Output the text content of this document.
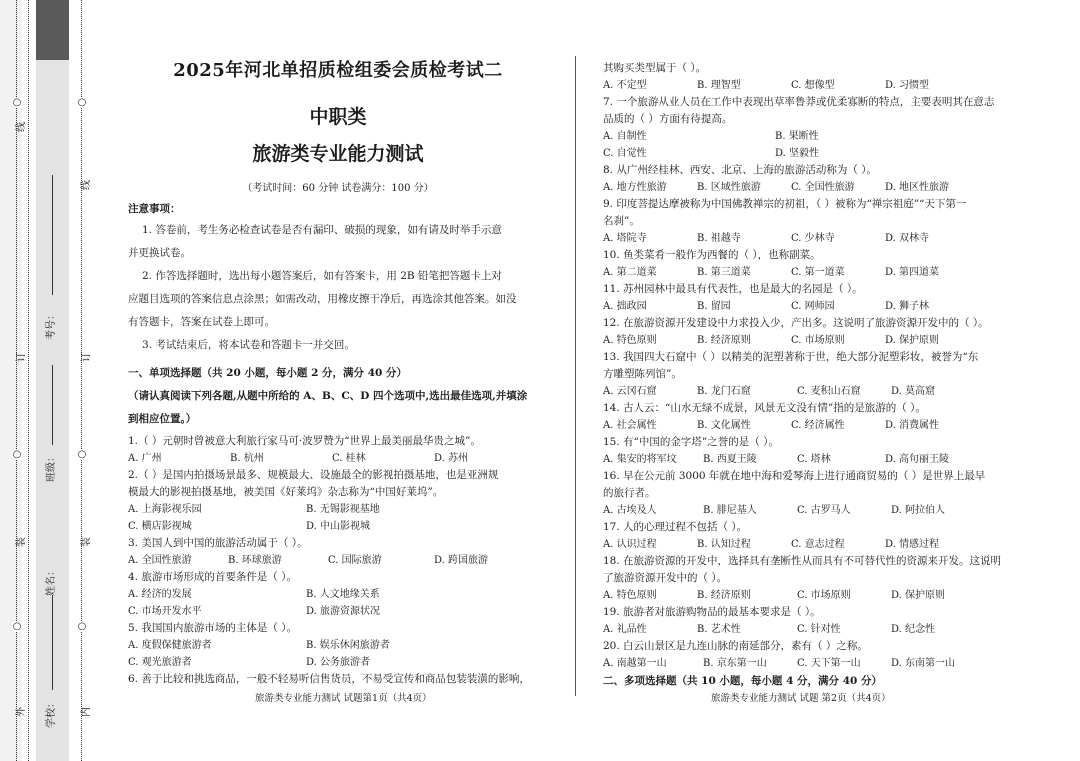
线
订
装
外
○
○
○
线
订
装
内
○
○
○
考号：
班级：
姓名：
学校：
2025年河北单招质检组委会质检考试二
中职类
旅游类专业能力测试
（考试时间：60 分钟 试卷满分：100 分）
注意事项：
1. 答卷前，考生务必检查试卷是否有漏印、破损的现象，如有请及时举手示意
并更换试卷。
2. 作答选择题时，选出每小题答案后，如有答案卡，用 2B 铅笔把答题卡上对
应题目选项的答案信息点涂黑；如需改动，用橡皮擦干净后，再选涂其他答案。如没
有答题卡，答案在试卷上即可。
3. 考试结束后，将本试卷和答题卡一并交回。
一、单项选择题（共 20 小题，每小题 2 分，满分 40 分）
（请认真阅读下列各题,从题中所给的 A、B、C、D 四个选项中,选出最佳选项,并填涂
到相应位置。）
1.（ ）元朝时曾被意大利旅行家马可·波罗赞为“世界上最美丽最华贵之城”。
A. 广州	B. 杭州	C. 桂林	D. 苏州
2.（ ）是国内拍摄场景最多、规模最大、设施最全的影视拍摄基地，也是亚洲规
模最大的影视拍摄基地，被美国《好莱坞》杂志称为“中国好莱坞”。
A. 上海影视乐园	B. 无锡影视基地
C. 横店影视城	D. 中山影视城
3. 美国人到中国的旅游活动属于（ ）。
A. 全国性旅游	B. 环球旅游	C. 国际旅游	D. 跨国旅游
4. 旅游市场形成的首要条件是（ ）。
A. 经济的发展	B. 人文地缘关系
C. 市场开发水平	D. 旅游资源状况
5. 我国国内旅游市场的主体是（ ）。
A. 度假保健旅游者	B. 娱乐休闲旅游者
C. 观光旅游者	D. 公务旅游者
6. 善于比较和挑选商品，一般不轻易听信售货员，不易受宣传和商品包装装潢的影响，
旅游类专业能力测试 试题第1页（共4页）
其购买类型属于（ ）。
A. 不定型	B. 理智型	C. 想像型	D. 习惯型
7. 一个旅游从业人员在工作中表现出草率鲁莽或优柔寡断的特点，主要表明其在意志
品质的（ ）方面有待提高。
A. 自制性	B. 果断性
C. 自觉性	D. 坚毅性
8. 从广州经桂林、西安、北京、上海的旅游活动称为（ ）。
A. 地方性旅游	B. 区域性旅游	C. 全国性旅游	D. 地区性旅游
9. 印度菩提达摩被称为中国佛教禅宗的初祖，（ ）被称为“禅宗祖庭”“天下第一
名刹”。
A. 塔院寺	B. 祖越寺	C. 少林寺	D. 双林寺
10. 鱼类菜肴一般作为西餐的（ ），也称副菜。
A. 第二道菜	B. 第三道菜	C. 第一道菜	D. 第四道菜
11. 苏州园林中最具有代表性，也是最大的名园是（ ）。
A. 拙政园	B. 留园	C. 网师园	D. 狮子林
12. 在旅游资源开发建设中力求投入少，产出多。这说明了旅游资源开发中的（ ）。
A. 特色原则	B. 经济原则	C. 市场原则	D. 保护原则
13. 我国四大石窟中（ ）以精美的泥塑著称于世，绝大部分泥塑彩妆，被誉为“东
方雕塑陈列馆”。
A. 云冈石窟	B. 龙门石窟	C. 麦积山石窟	D. 莫高窟
14. 古人云：“山水无绿不成景，风景无文没有情”指的是旅游的（ ）。
A. 社会属性	B. 文化属性	C. 经济属性	D. 消费属性
15. 有“中国的金字塔”之誉的是（ ）。
A. 集安的将军坟	B. 西夏王陵	C. 塔林	D. 高句丽王陵
16. 早在公元前 3000 年就在地中海和爱琴海上进行通商贸易的（ ）是世界上最早
的旅行者。
A. 古埃及人	B. 腓尼基人	C. 古罗马人	D. 阿拉伯人
17. 人的心理过程不包括（ ）。
A. 认识过程	B. 认知过程	C. 意志过程	D. 情感过程
18. 在旅游资源的开发中，选择具有垄断性从而具有不可替代性的资源来开发。这说明
了旅游资源开发中的（ ）。
A. 特色原则	B. 经济原则	C. 市场原则	D. 保护原则
19. 旅游者对旅游购物品的最基本要求是（ ）。
A. 礼品性	B. 艺术性	C. 针对性	D. 纪念性
20. 白云山景区是九连山脉的南延部分，素有（ ）之称。
A. 南越第一山	B. 京东第一山	C. 天下第一山	D. 东南第一山
二、多项选择题（共 10 小题，每小题 4 分，满分 40 分）
旅游类专业能力测试 试题 第2页（共4页）
